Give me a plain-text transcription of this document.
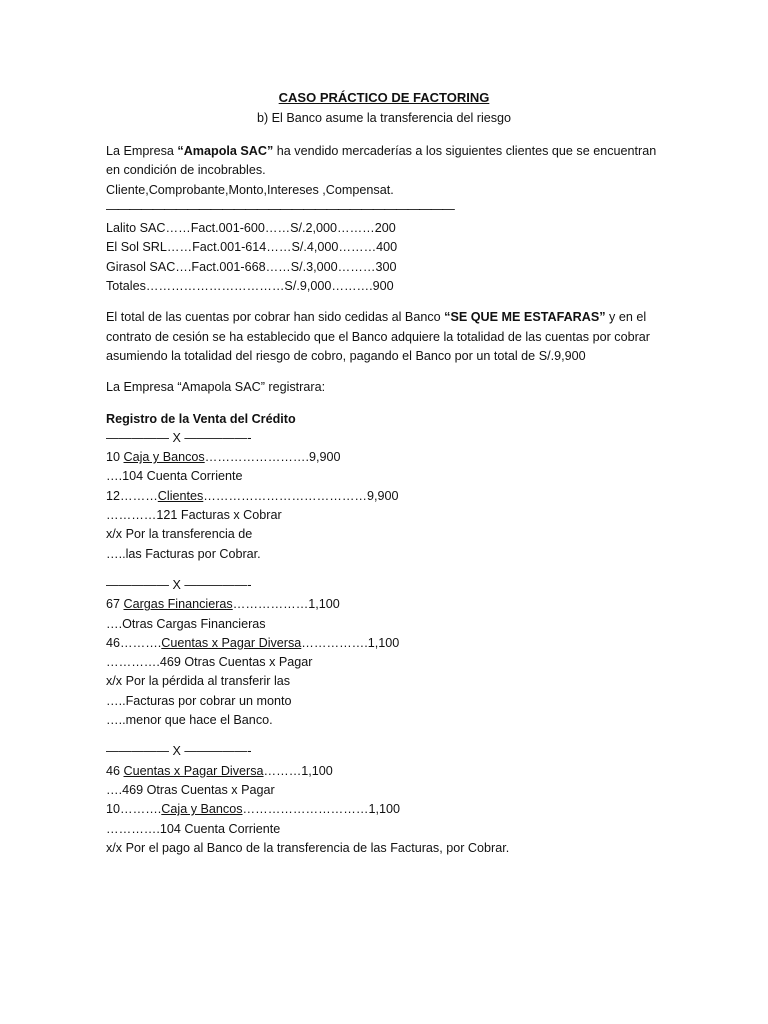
CASO PRÁCTICO DE FACTORING
b) El Banco asume la transferencia del riesgo
La Empresa “Amapola SAC” ha vendido mercaderías a los siguientes clientes que se encuentran en condición de incobrables.
Cliente,Comprobante,Monto,Intereses ,Compensat.
——————————————————————————————
Lalito SAC……Fact.001-600……S/.2,000………200
El Sol SRL……Fact.001-614……S/.4,000………400
Girasol SAC….Fact.001-668……S/.3,000………300
Totales……………………………S/.9,000……….900
El total de las cuentas por cobrar han sido cedidas al Banco “SE QUE ME ESTAFARAS” y en el contrato de cesión se ha establecido que el Banco adquiere la totalidad de las cuentas por cobrar asumiendo la totalidad del riesgo de cobro, pagando el Banco por un total de S/.9,900
La Empresa “Amapola SAC” registrara:
Registro de la Venta del Crédito
————— X —————-
10 Caja y Bancos…………………….9,900
….104 Cuenta Corriente
12………Clientes…………………………………9,900
…………121 Facturas x Cobrar
x/x Por la transferencia de
…..las Facturas por Cobrar.
————— X —————-
67 Cargas Financieras………………1,100
….Otras Cargas Financieras
46……….Cuentas x Pagar Diversa…………….1,100
………….469 Otras Cuentas x Pagar
x/x Por la pérdida al transferir las
…..Facturas por cobrar un monto
…..menor que hace el Banco.
————— X —————-
46 Cuentas x Pagar Diversa………1,100
….469 Otras Cuentas x Pagar
10……….Caja y Bancos…………………………1,100
………….104 Cuenta Corriente
x/x Por el pago al Banco de la transferencia de las Facturas, por Cobrar.
